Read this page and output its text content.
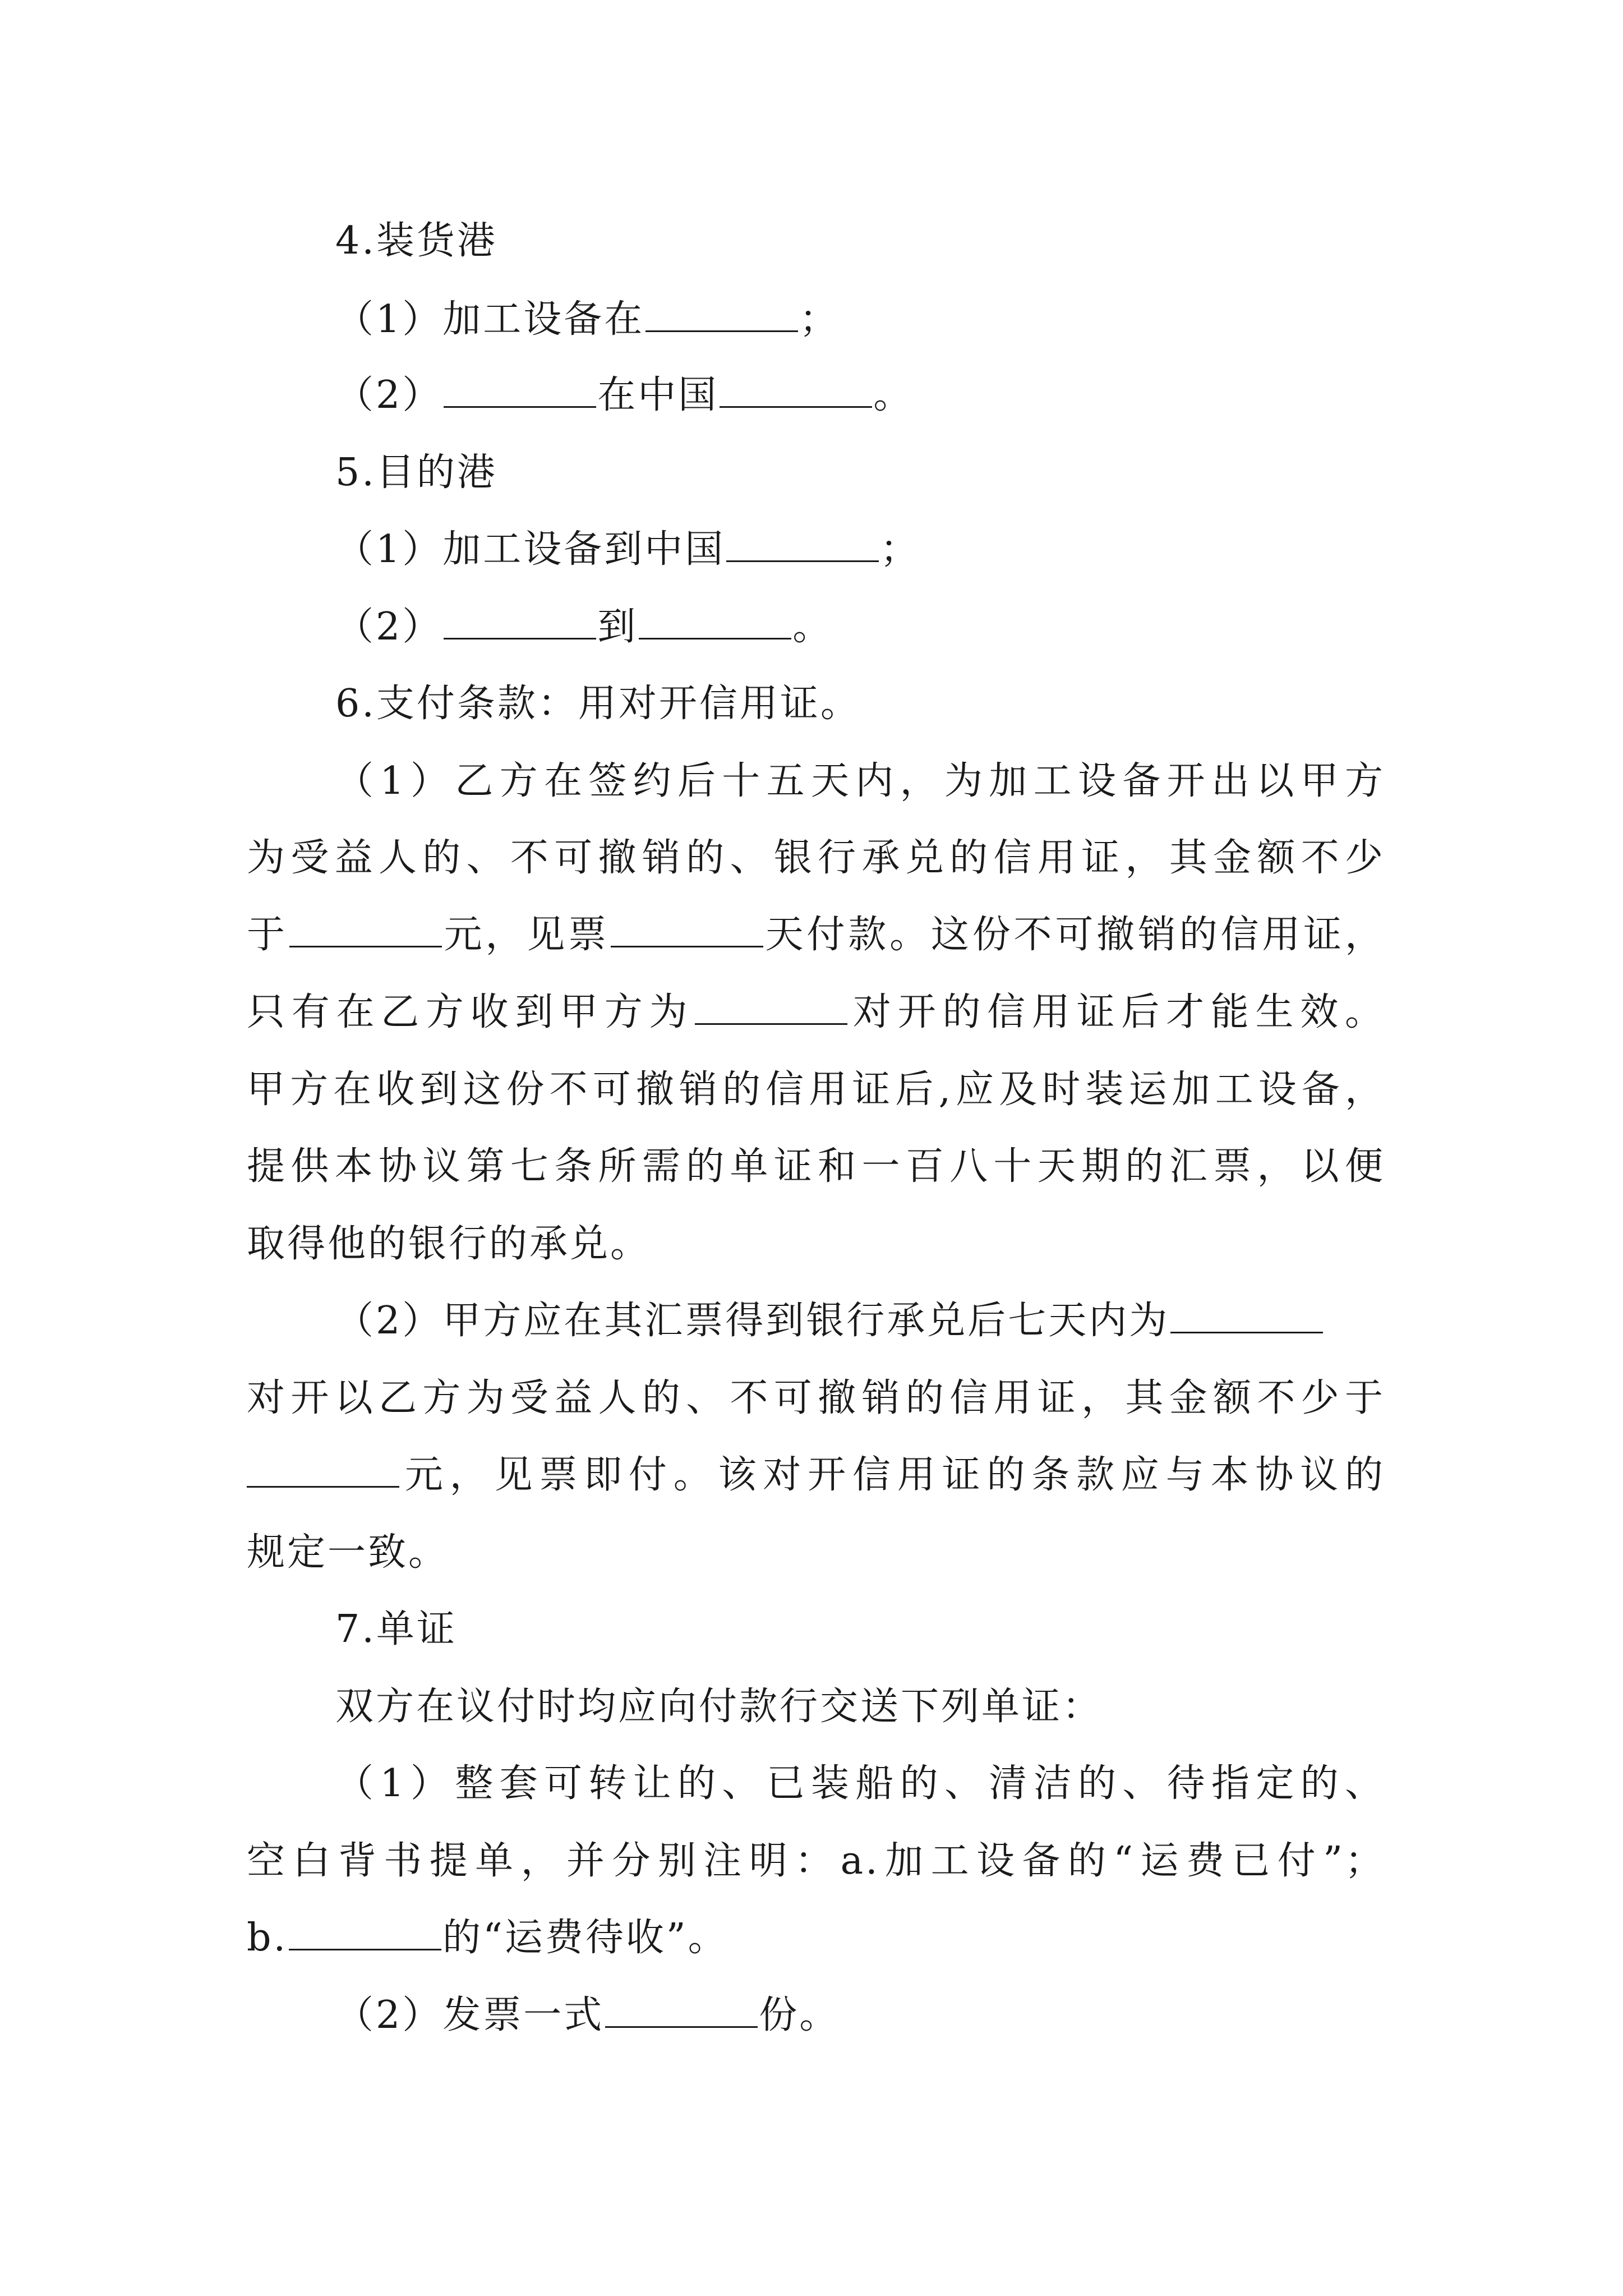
4.装货港
（1）加工设备在	；
（2）	在中国	。
5.目的港
（1）加工设备到中国	；
（2）	到	。
6.支付条款：用对开信用证。
（1）乙方在签约后十五天内，为加工设备开出以甲方
为受益人的、不可撤销的、银行承兑的信用证，其金额不少
于	元，见票	天付款。这份不可撤销的信用证，
只有在乙方收到甲方为	对开的信用证后才能生效。
甲方在收到这份不可撤销的信用证后,应及时装运加工设备，
提供本协议第七条所需的单证和一百八十天期的汇票，以便
取得他的银行的承兑。
（2）甲方应在其汇票得到银行承兑后七天内为
对开以乙方为受益人的、不可撤销的信用证，其金额不少于
元，见票即付。该对开信用证的条款应与本协议的
规定一致。
7.单证
双方在议付时均应向付款行交送下列单证：
（1）整套可转让的、已装船的、清洁的、待指定的、
空白背书提单，并分别注明：a.加工设备的“运费已付”；
b.	的“运费待收”。
（2）发票一式	份。
